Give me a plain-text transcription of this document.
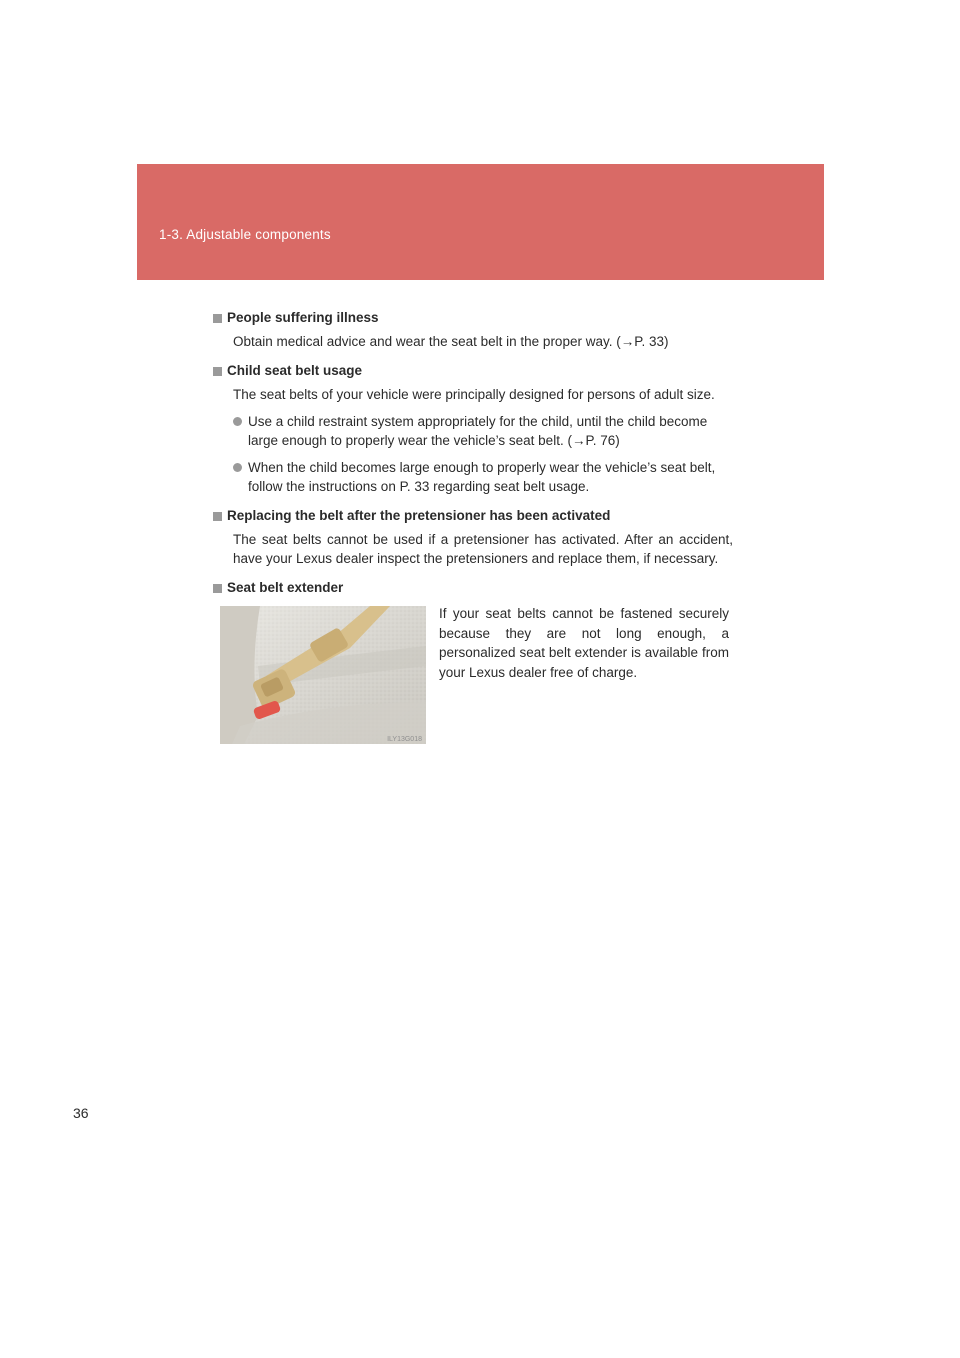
1-3. Adjustable components
People suffering illness
Obtain medical advice and wear the seat belt in the proper way. (→P. 33)
Child seat belt usage
The seat belts of your vehicle were principally designed for persons of adult size.
Use a child restraint system appropriately for the child, until the child become large enough to properly wear the vehicle’s seat belt. (→P. 76)
When the child becomes large enough to properly wear the vehicle’s seat belt, follow the instructions on P. 33 regarding seat belt usage.
Replacing the belt after the pretensioner has been activated
The seat belts cannot be used if a pretensioner has activated. After an accident, have your Lexus dealer inspect the pretensioners and replace them, if necessary.
Seat belt extender
ILY13G018
If your seat belts cannot be fastened securely because they are not long enough, a personalized seat belt extender is available from your Lexus dealer free of charge.
36
